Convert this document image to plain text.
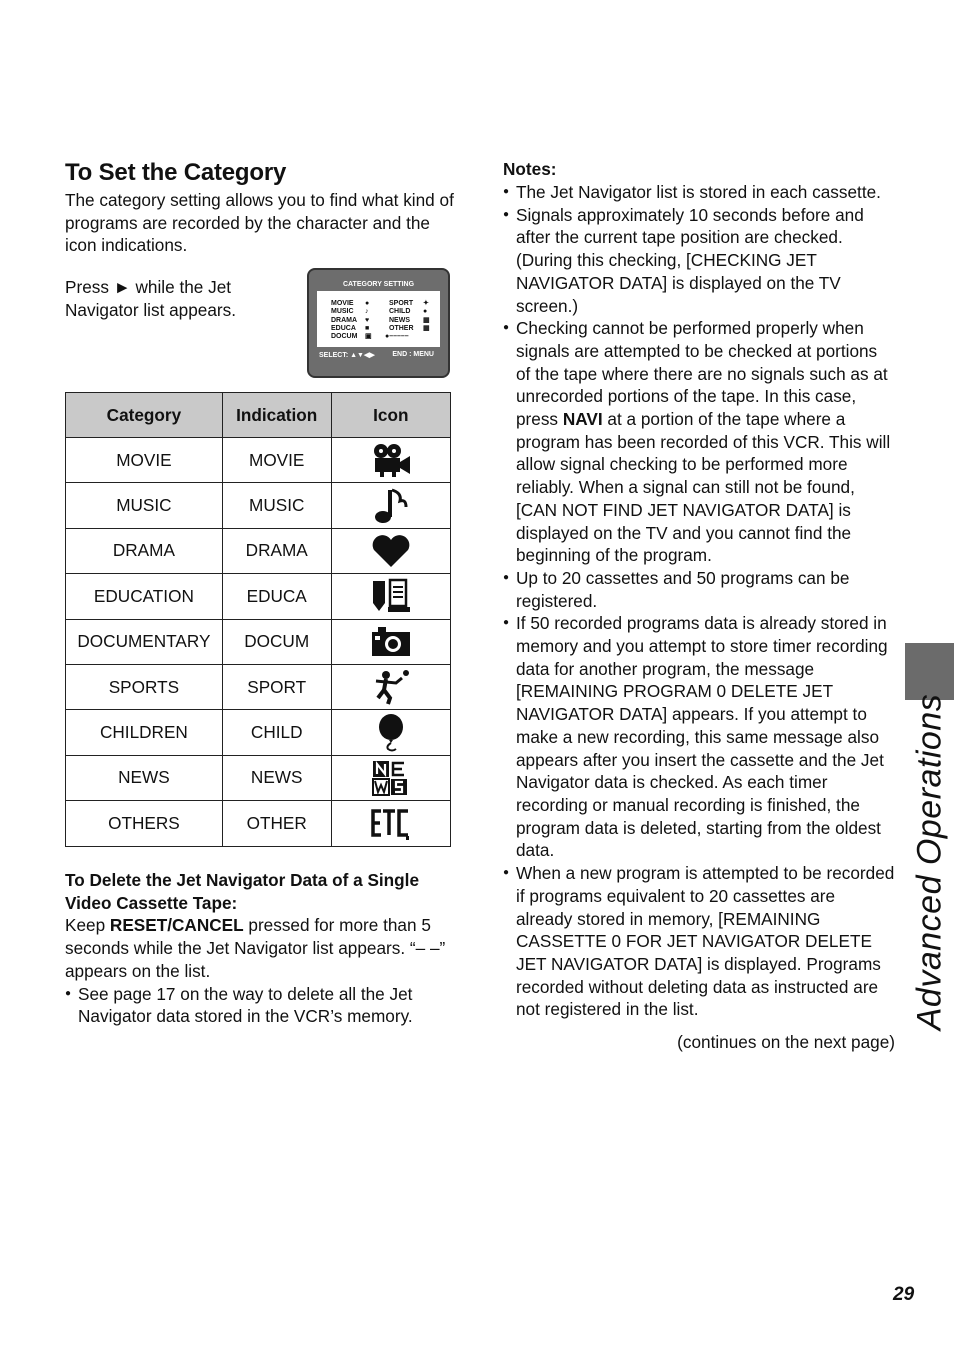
To Set the Category

The category setting allows you to find what kind of programs are recorded by the character and the icon indications.

Press ► while the Jet Navigator list appears.
CATEGORY SETTING
MOVIE	●
MUSIC	♪
DRAMA	♥
EDUCA	■
DOCUM	▣
SPORT	✦
CHILD	●
NEWS	▦
OTHER	▦
●–––––
SELECT: ▲▼◀▶	END : MENU
Category	Indication	Icon
MOVIE	MOVIE	

MUSIC	MUSIC	

DRAMA	DRAMA	

EDUCATION	EDUCA	

DOCUMENTARY	DOCUM	

SPORTS	SPORT	

CHILDREN	CHILD	

NEWS	NEWS	

OTHERS	OTHER	
To Delete the Jet Navigator Data of a Single Video Cassette Tape:
Keep RESET/CANCEL pressed for more than 5 seconds while the Jet Navigator list appears. “– –” appears on the list.
● See page 17 on the way to delete all the Jet Navigator data stored in the VCR’s memory.
Notes:
● The Jet Navigator list is stored in each cassette.
● Signals approximately 10 seconds before and after the current tape position are checked. (During this checking, [CHECKING JET NAVIGATOR DATA] is displayed on the TV screen.)
● Checking cannot be performed properly when signals are attempted to be checked at portions of the tape where there are no signals such as at unrecorded portions of the tape. In this case, press NAVI at a portion of the tape where a program has been recorded of this VCR. This will allow signal checking to be performed more reliably. When a signal can still not be found, [CAN NOT FIND JET NAVIGATOR DATA] is displayed on the TV and you cannot find the beginning of the program.
● Up to 20 cassettes and 50 programs can be registered.
● If 50 recorded programs data is already stored in memory and you attempt to store timer recording data for another program, the message [REMAINING PROGRAM 0 DELETE JET NAVIGATOR DATA] appears. If you attempt to make a new recording, this same message also appears after you insert the cassette and the Jet Navigator data is checked. As each timer recording or manual recording is finished, the program data is deleted, starting from the oldest data.
● When a new program is attempted to be recorded if programs equivalent to 20 cassettes are already stored in memory, [REMAINING CASSETTE 0 FOR JET NAVIGATOR DELETE JET NAVIGATOR DATA] is displayed. Programs recorded without deleting data as instructed are not registered in the list.
(continues on the next page)
Advanced Operations
29
